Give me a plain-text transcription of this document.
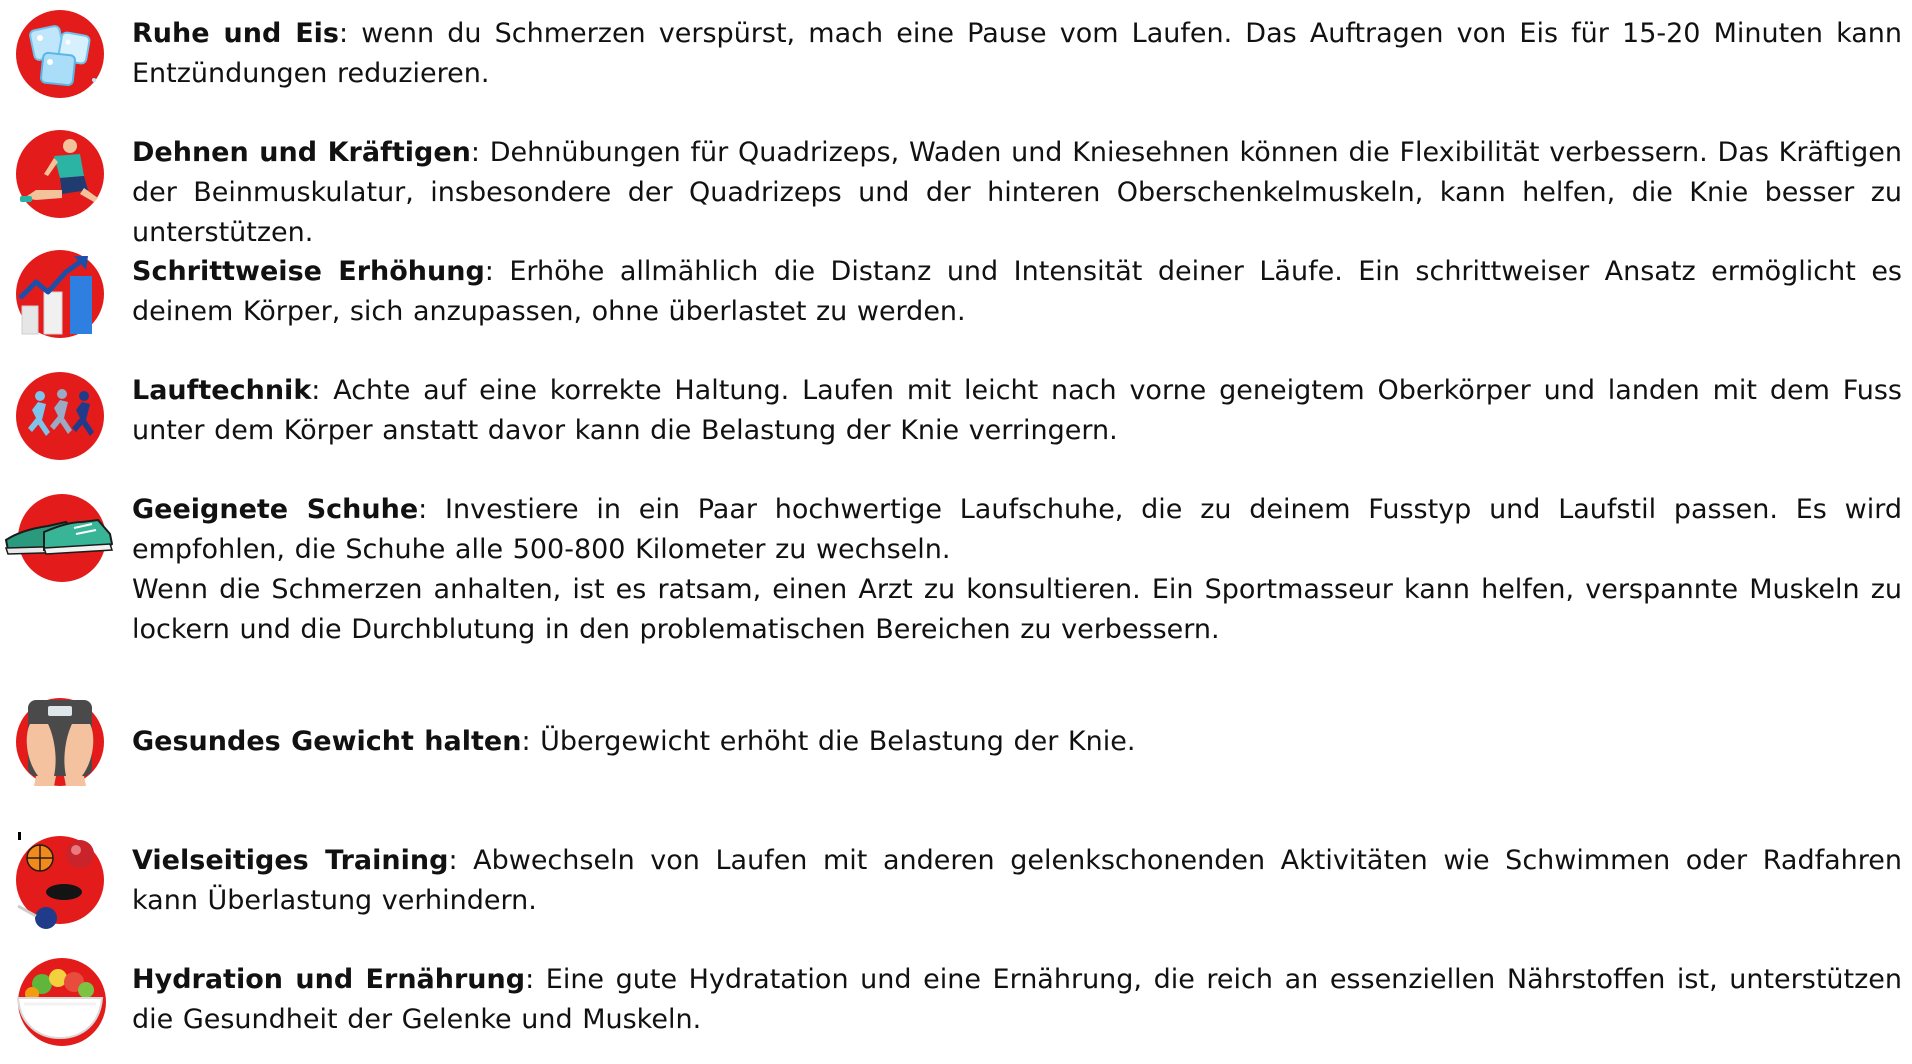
Ruhe und Eis: wenn du Schmerzen verspürst, mach eine Pause vom Laufen. Das Auftragen von Eis für 15-20 Minuten kann Entzündungen reduzieren.

Dehnen und Kräftigen: Dehnübungen für Quadrizeps, Waden und Kniesehnen können die Flexibilität verbessern. Das Kräftigen der Beinmuskulatur, insbesondere der Quadrizeps und der hinteren Oberschenkelmuskeln, kann helfen, die Knie besser zu unterstützen.

Schrittweise Erhöhung: Erhöhe allmählich die Distanz und Intensität deiner Läufe. Ein schrittweiser Ansatz ermöglicht es deinem Körper, sich anzupassen, ohne überlastet zu werden.

Lauftechnik: Achte auf eine korrekte Haltung. Laufen mit leicht nach vorne geneigtem Oberkörper und landen mit dem Fuss unter dem Körper anstatt davor kann die Belastung der Knie verringern.

Geeignete Schuhe: Investiere in ein Paar hochwertige Laufschuhe, die zu deinem Fusstyp und Laufstil passen. Es wird empfohlen, die Schuhe alle 500-800 Kilometer zu wechseln.

Wenn die Schmerzen anhalten, ist es ratsam, einen Arzt zu konsultieren. Ein Sportmasseur kann helfen, verspannte Muskeln zu lockern und die Durchblutung in den problematischen Bereichen zu verbessern.

Gesundes Gewicht halten: Übergewicht erhöht die Belastung der Knie.

Vielseitiges Training: Abwechseln von Laufen mit anderen gelenkschonenden Aktivitäten wie Schwimmen oder Radfahren kann Überlastung verhindern.

Hydration und Ernährung: Eine gute Hydratation und eine Ernährung, die reich an essenziellen Nährstoffen ist, unterstützen die Gesundheit der Gelenke und Muskeln.
